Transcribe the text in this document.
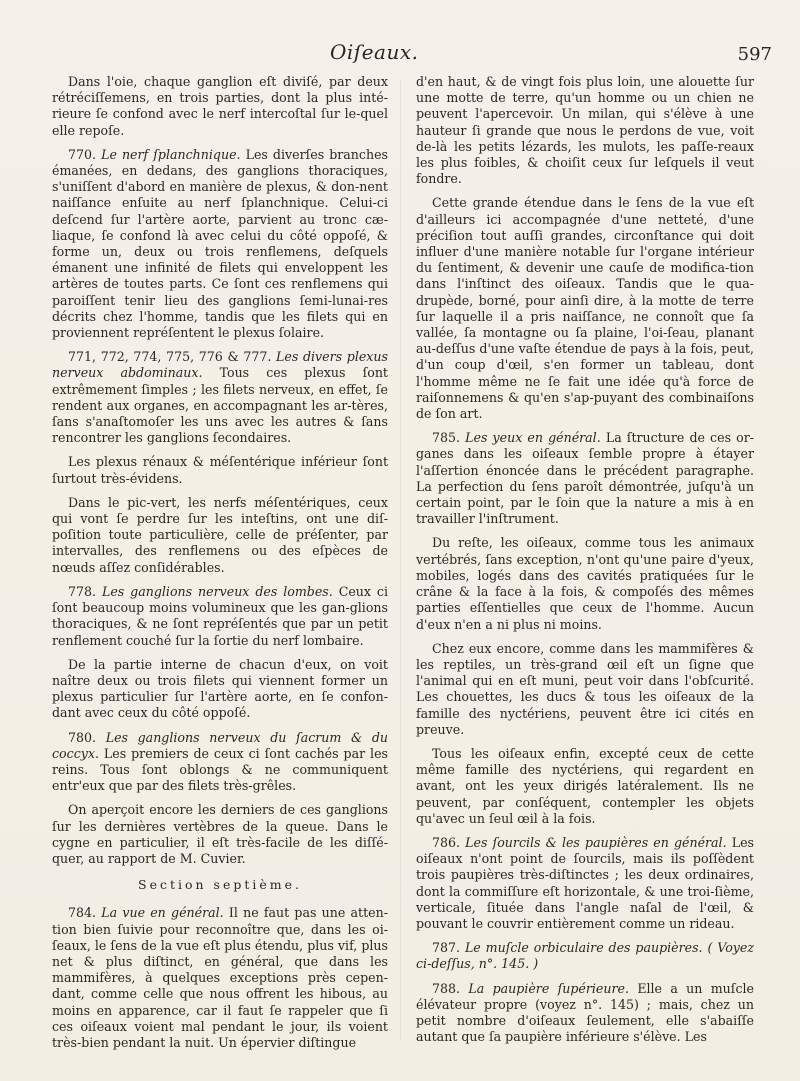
Oiſeaux.	597

Dans l'oie, chaque ganglion eſt diviſé, par deux rétréciſſemens, en trois parties, dont la plus inté-rieure ſe confond avec le nerf intercoſtal ſur le-quel elle repoſe.

770. Le nerf ſplanchnique. Les diverſes branches émanées, en dedans, des ganglions thoraciques, s'uniſſent d'abord en manière de plexus, & don-nent naiſſance enſuite au nerf ſplanchnique. Celui-ci deſcend ſur l'artère aorte, parvient au tronc cæ-liaque, ſe confond là avec celui du côté oppoſé, & forme un, deux ou trois renflemens, deſquels émanent une infinité de filets qui enveloppent les artères de toutes parts. Ce ſont ces renflemens qui paroiſſent tenir lieu des ganglions ſemi-lunai-res décrits chez l'homme, tandis que les filets qui en proviennent repréſentent le plexus ſolaire.

771, 772, 774, 775, 776 & 777. Les divers plexus nerveux abdominaux. Tous ces plexus ſont extrêmement ſimples ; les filets nerveux, en effet, ſe rendent aux organes, en accompagnant les ar-tères, ſans s'anaſtomoſer les uns avec les autres & ſans rencontrer les ganglions ſecondaires.

Les plexus rénaux & méſentérique inférieur ſont ſurtout très-évidens.

Dans le pic-vert, les nerfs méſentériques, ceux qui vont ſe perdre ſur les inteſtins, ont une diſ-poſition toute particulière, celle de préſenter, par intervalles, des renflemens ou des eſpèces de nœuds aſſez conſidérables.

778. Les ganglions nerveux des lombes. Ceux ci ſont beaucoup moins volumineux que les gan-glions thoraciques, & ne ſont repréſentés que par un petit renflement couché ſur la ſortie du nerf lombaire.

De la partie interne de chacun d'eux, on voit naître deux ou trois filets qui viennent former un plexus particulier ſur l'artère aorte, en ſe confon-dant avec ceux du côté oppoſé.

780. Les ganglions nerveux du ſacrum & du coccyx. Les premiers de ceux ci ſont cachés par les reins. Tous ſont oblongs & ne communiquent entr'eux que par des filets très-grêles.

On aperçoit encore les derniers de ces ganglions ſur les dernières vertèbres de la queue. Dans le cygne en particulier, il eſt très-facile de les diſſé-quer, au rapport de M. Cuvier.

Section septième.

784. La vue en général. Il ne faut pas une atten-tion bien ſuivie pour reconnoître que, dans les oi-ſeaux, le ſens de la vue eſt plus étendu, plus vif, plus net & plus diſtinct, en général, que dans les mammifères, à quelques exceptions près cepen-dant, comme celle que nous offrent les hibous, au moins en apparence, car il faut ſe rappeler que ſi ces oiſeaux voient mal pendant le jour, ils voient très-bien pendant la nuit. Un épervier diſtingue

d'en haut, & de vingt fois plus loin, une alouette ſur une motte de terre, qu'un homme ou un chien ne peuvent l'apercevoir. Un milan, qui s'élève à une hauteur ſi grande que nous le perdons de vue, voit de-là les petits lézards, les mulots, les paſſe-reaux les plus foibles, & choiſit ceux ſur leſquels il veut fondre.

Cette grande étendue dans le ſens de la vue eſt d'ailleurs ici accompagnée d'une netteté, d'une préciſion tout auſſi grandes, circonſtance qui doit influer d'une manière notable ſur l'organe intérieur du ſentiment, & devenir une cauſe de modifica-tion dans l'inſtinct des oiſeaux. Tandis que le qua-drupède, borné, pour ainſi dire, à la motte de terre ſur laquelle il a pris naiſſance, ne connoît que ſa vallée, ſa montagne ou ſa plaine, l'oi-ſeau, planant au-deſſus d'une vaſte étendue de pays à la fois, peut, d'un coup d'œil, s'en former un tableau, dont l'homme même ne ſe fait une idée qu'à force de raiſonnemens & qu'en s'ap-puyant des combinaiſons de ſon art.

785. Les yeux en général. La ſtructure de ces or-ganes dans les oiſeaux ſemble propre à étayer l'aſſertion énoncée dans le précédent paragraphe. La perfection du ſens paroît démontrée, juſqu'à un certain point, par le ſoin que la nature a mis à en travailler l'inſtrument.

Du reſte, les oiſeaux, comme tous les animaux vertébrés, ſans exception, n'ont qu'une paire d'yeux, mobiles, logés dans des cavités pratiquées ſur le crâne & la face à la fois, & compoſés des mêmes parties eſſentielles que ceux de l'homme. Aucun d'eux n'en a ni plus ni moins.

Chez eux encore, comme dans les mammifères & les reptiles, un très-grand œil eſt un ſigne que l'animal qui en eſt muni, peut voir dans l'obſcurité. Les chouettes, les ducs & tous les oiſeaux de la famille des nyctériens, peuvent être ici cités en preuve.

Tous les oiſeaux enfin, excepté ceux de cette même famille des nyctériens, qui regardent en avant, ont les yeux dirigés latéralement. Ils ne peuvent, par conſéquent, contempler les objets qu'avec un ſeul œil à la fois.

786. Les ſourcils & les paupières en général. Les oiſeaux n'ont point de ſourcils, mais ils poſſèdent trois paupières très-diſtinctes ; les deux ordinaires, dont la commiſſure eſt horizontale, & une troi-ſième, verticale, ſituée dans l'angle naſal de l'œil, & pouvant le couvrir entièrement comme un rideau.

787. Le muſcle orbiculaire des paupières. ( Voyez ci-deſſus, n°. 145. )

788. La paupière ſupérieure. Elle a un muſcle élévateur propre (voyez n°. 145) ; mais, chez un petit nombre d'oiſeaux ſeulement, elle s'abaiſſe autant que ſa paupière inférieure s'élève. Les
